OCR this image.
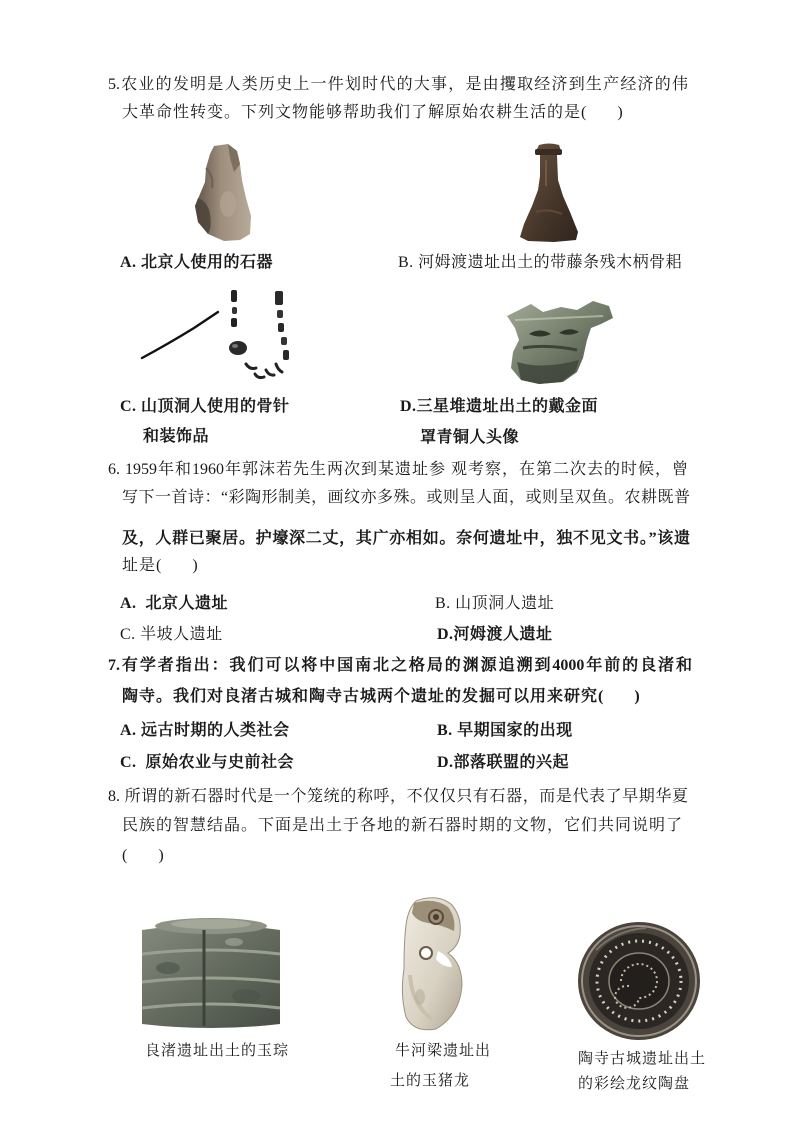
5.农业的发明是人类历史上一件划时代的大事，是由攫取经济到生产经济的伟
大革命性转变。下列文物能够帮助我们了解原始农耕生活的是(      )
A. 北京人使用的石器	B. 河姆渡遗址出土的带藤条残木柄骨耜
C. 山顶洞人使用的骨针
和装饰品
D.三星堆遗址出土的戴金面
罩青铜人头像
6. 1959年和1960年郭沫若先生两次到某遗址参 观考察，在第二次去的时候，曾
写下一首诗：“彩陶形制美，画纹亦多殊。或则呈人面，或则呈双鱼。农耕既普
及，人群已聚居。护壕深二丈，其广亦相如。奈何遗址中，独不见文书。”该遗
址是(      )
A.  北京人遗址	B. 山顶洞人遗址
C. 半坡人遗址	D.河姆渡人遗址
7.有学者指出：我们可以将中国南北之格局的渊源追溯到4000年前的良渚和
陶寺。我们对良渚古城和陶寺古城两个遗址的发掘可以用来研究(      )
A. 远古时期的人类社会	B. 早期国家的出现
C.  原始农业与史前社会	D.部落联盟的兴起
8. 所谓的新石器时代是一个笼统的称呼，不仅仅只有石器，而是代表了早期华夏
民族的智慧结晶。下面是出土于各地的新石器时期的文物，它们共同说明了
(      )
良渚遗址出土的玉琮	牛河梁遗址出
土的玉猪龙
陶寺古城遗址出土
的彩绘龙纹陶盘
